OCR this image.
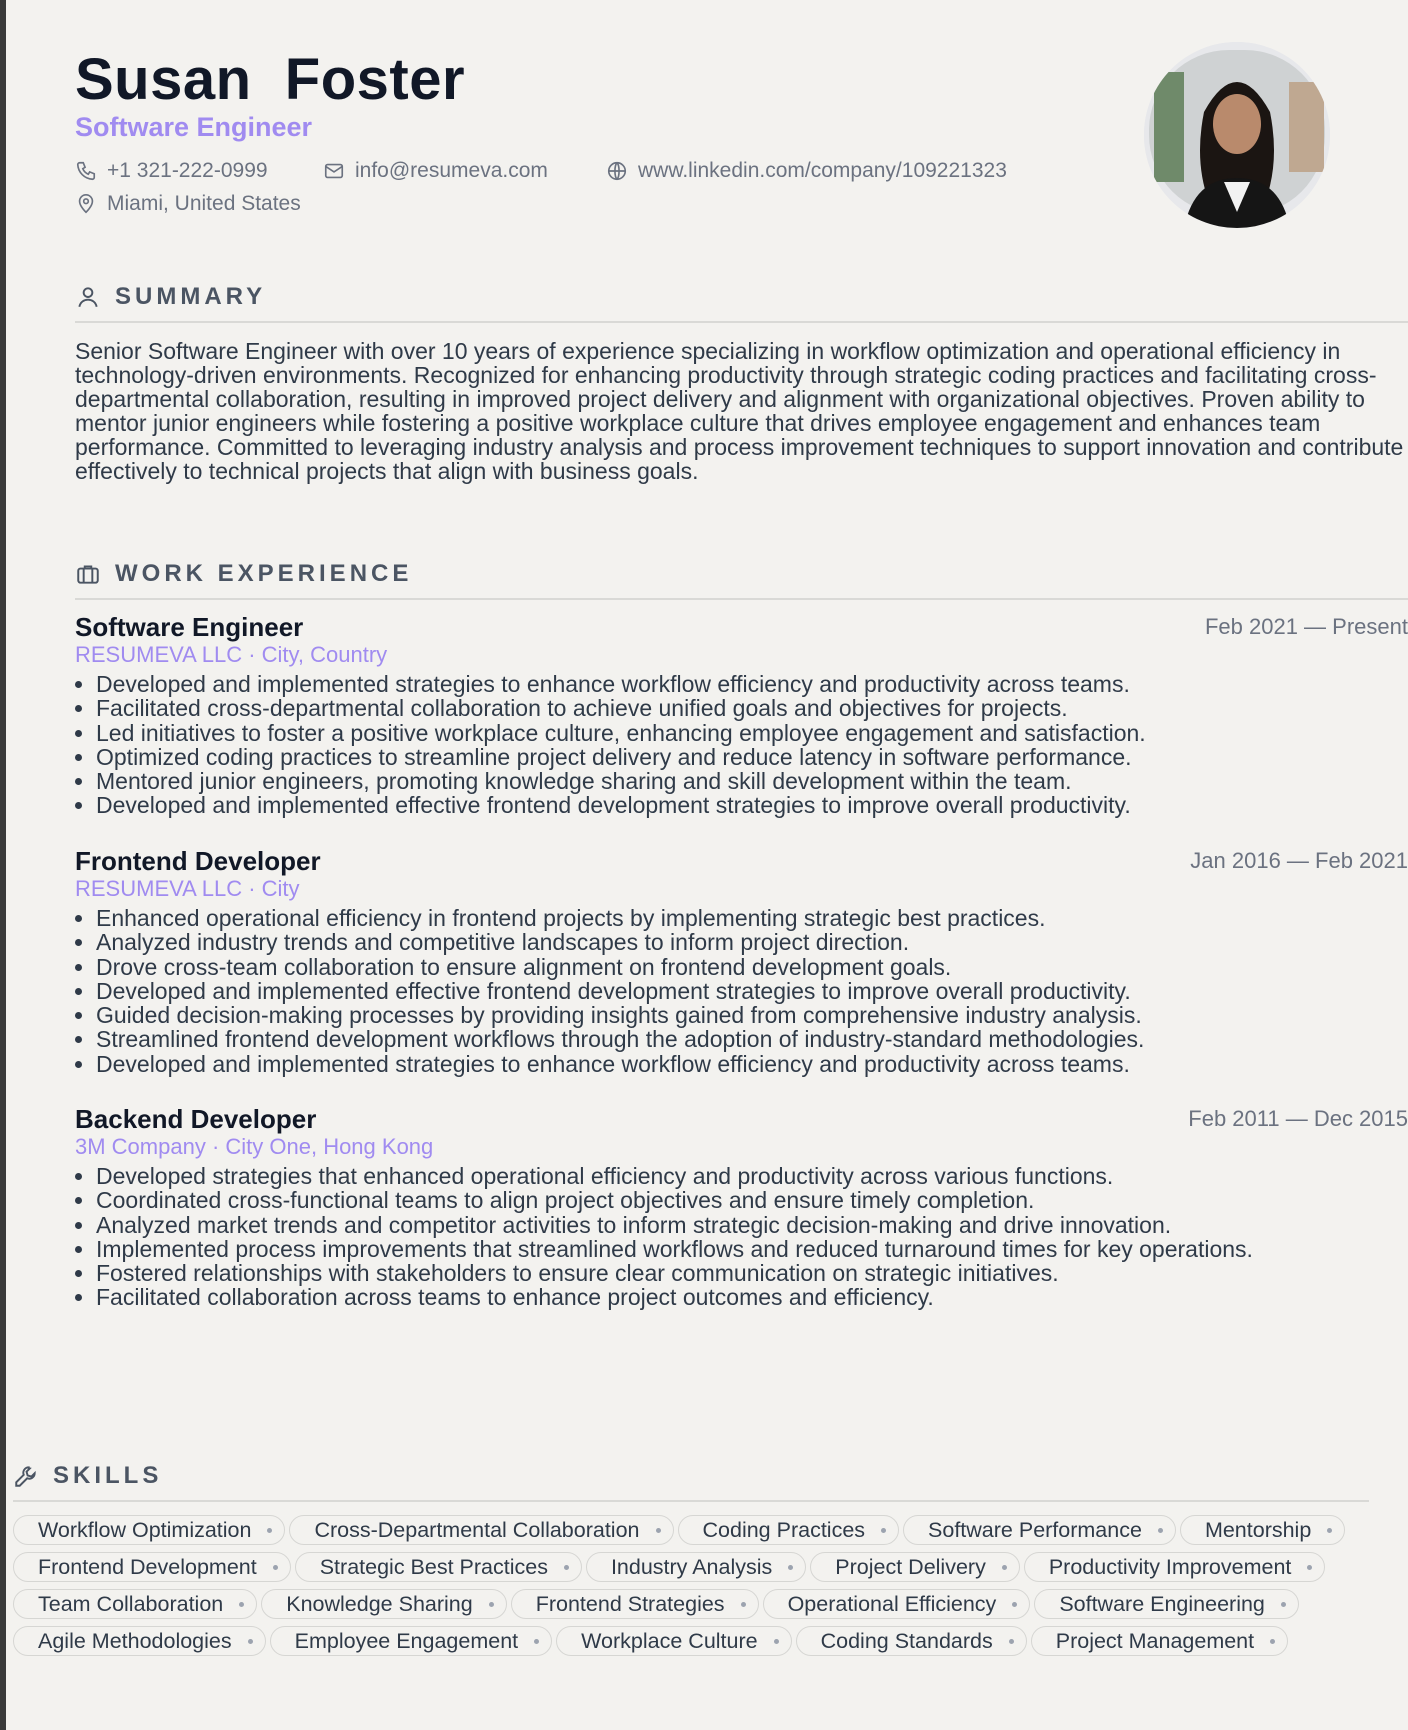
Susan  Foster
Software Engineer
+1 321-222-0999	info@resumeva.com	www.linkedin.com/company/109221323
Miami, United States
SUMMARY
Senior Software Engineer with over 10 years of experience specializing in workflow optimization and operational efficiency in technology-driven environments. Recognized for enhancing productivity through strategic coding practices and facilitating cross-departmental collaboration, resulting in improved project delivery and alignment with organizational objectives. Proven ability to mentor junior engineers while fostering a positive workplace culture that drives employee engagement and enhances team performance. Committed to leveraging industry analysis and process improvement techniques to support innovation and contribute effectively to technical projects that align with business goals.
WORK EXPERIENCE
Software Engineer	Feb 2021 — Present
RESUMEVA LLC · City, Country
• Developed and implemented strategies to enhance workflow efficiency and productivity across teams.
• Facilitated cross-departmental collaboration to achieve unified goals and objectives for projects.
• Led initiatives to foster a positive workplace culture, enhancing employee engagement and satisfaction.
• Optimized coding practices to streamline project delivery and reduce latency in software performance.
• Mentored junior engineers, promoting knowledge sharing and skill development within the team.
• Developed and implemented effective frontend development strategies to improve overall productivity.
Frontend Developer	Jan 2016 — Feb 2021
RESUMEVA LLC · City
• Enhanced operational efficiency in frontend projects by implementing strategic best practices.
• Analyzed industry trends and competitive landscapes to inform project direction.
• Drove cross-team collaboration to ensure alignment on frontend development goals.
• Developed and implemented effective frontend development strategies to improve overall productivity.
• Guided decision-making processes by providing insights gained from comprehensive industry analysis.
• Streamlined frontend development workflows through the adoption of industry-standard methodologies.
• Developed and implemented strategies to enhance workflow efficiency and productivity across teams.
Backend Developer	Feb 2011 — Dec 2015
3M Company · City One, Hong Kong
• Developed strategies that enhanced operational efficiency and productivity across various functions.
• Coordinated cross-functional teams to align project objectives and ensure timely completion.
• Analyzed market trends and competitor activities to inform strategic decision-making and drive innovation.
• Implemented process improvements that streamlined workflows and reduced turnaround times for key operations.
• Fostered relationships with stakeholders to ensure clear communication on strategic initiatives.
• Facilitated collaboration across teams to enhance project outcomes and efficiency.
SKILLS
Workflow Optimization	Cross-Departmental Collaboration	Coding Practices	Software Performance	Mentorship
Frontend Development	Strategic Best Practices	Industry Analysis	Project Delivery	Productivity Improvement
Team Collaboration	Knowledge Sharing	Frontend Strategies	Operational Efficiency	Software Engineering
Agile Methodologies	Employee Engagement	Workplace Culture	Coding Standards	Project Management
